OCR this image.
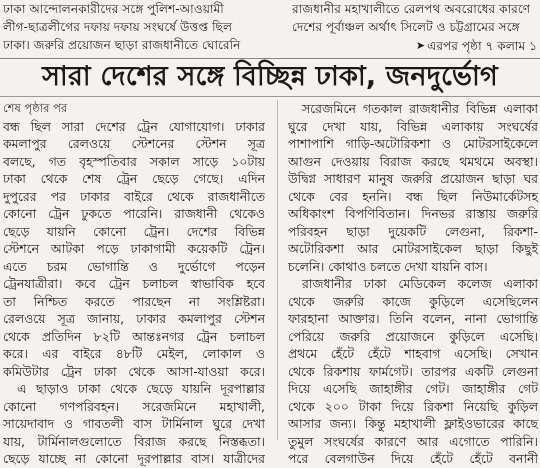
ঢাকা আন্দোলনকারীদের সঙ্গে পুলিশ-আওয়ামী
লীগ-ছাত্রলীগের দফায় দফায় সংঘর্ষে উত্তপ্ত ছিল
ঢাকা। জরুরি প্রয়োজন ছাড়া রাজধানীতে ঘোরেনি
রাজধানীর মহাখালীতে রেলপথ অবরোধের কারণে
দেশের পূর্বাঞ্চল অর্থাৎ সিলেট ও চট্টগ্রামের সঙ্গে
➤ এরপর পৃষ্ঠা ৭ কলাম ১
সারা দেশের সঙ্গে বিচ্ছিন্ন ঢাকা, জনদুর্ভোগ
শেষ পৃষ্ঠার পর
বন্ধ ছিল সারা দেশের ট্রেন যোগাযোগ। ঢাকার
কমলাপুর রেলওয়ে স্টেশনের স্টেশন সূত্র
বলছে, গত বৃহস্পতিবার সকাল সাড়ে ১০টায়
ঢাকা থেকে শেষ ট্রেন ছেড়ে গেছে। এদিন
দুপুরের পর ঢাকার বাইরে থেকে রাজধানীতে
কোনো ট্রেন ঢুকতে পারেনি। রাজধানী থেকেও
ছেড়ে যায়নি কোনো ট্রেন। দেশের বিভিন্ন
স্টেশনে আটকা পড়ে ঢাকাগামী কয়েকটি ট্রেন।
এতে চরম ভোগান্তি ও দুর্ভোগে পড়েন
ট্রেনযাত্রীরা। কবে ট্রেন চলাচল স্বাভাবিক হবে
তা নিশ্চিত করতে পারছেন না সংশ্লিষ্টরা।
রেলওয়ে সূত্র জানায়, ঢাকার কমলাপুর স্টেশন
থেকে প্রতিদিন ৮২টি আন্তঃনগর ট্রেন চলাচল
করে। এর বাইরে ৪৮টি মেইল, লোকাল ও
কমিউটার ট্রেন ঢাকা থেকে আসা-যাওয়া করে।
এ ছাড়াও ঢাকা থেকে ছেড়ে যায়নি দূরপাল্লার
কোনো গণপরিবহন। সরেজমিনে মহাখালী,
সায়েদাবাদ ও গাবতলী বাস টার্মিনাল ঘুরে দেখা
যায়, টার্মিনালগুলোতে বিরাজ করছে নিস্তব্ধতা।
ছেড়ে যাচ্ছে না কোনো দূরপাল্লার বাস। যাত্রীদের
সরেজমিনে গতকাল রাজধানীর বিভিন্ন এলাকা
ঘুরে দেখা যায়, বিভিন্ন এলাকায় সংঘর্ষের
পাশাপাশি গাড়ি-অটোরিকশা ও মোটরসাইকেলে
আগুন দেওয়ায় বিরাজ করছে থমথমে অবস্থা।
উদ্বিগ্ন সাধারণ মানুষ জরুরি প্রয়োজন ছাড়া ঘর
থেকে বের হননি। বন্ধ ছিল নিউমার্কেটসহ
অধিকাংশ বিপণিবিতান। দিনভর রাস্তায় জরুরি
পরিবহন ছাড়া দুয়েকটি লেগুনা, রিকশা-
অটোরিকশা আর মোটরসাইকেল ছাড়া কিছুই
চলেনি। কোথাও চলতে দেখা যায়নি বাস।
রাজধানীর ঢাকা মেডিকেল কলেজ এলাকা
থেকে জরুরি কাজে কুড়িলে এসেছিলেন
ফারহানা আক্তার। তিনি বলেন, নানা ভোগান্তি
পেরিয়ে জরুরি প্রয়োজনে কুড়িলে এসেছি।
প্রথমে হেঁটে হেঁটে শাহবাগ এসেছি। সেখান
থেকে রিকশায় ফার্মগেট। তারপর একটি লেগুনা
দিয়ে এসেছি জাহাঙ্গীর গেট। জাহাঙ্গীর গেট
থেকে ২০০ টাকা দিয়ে রিকশা নিয়েছি কুড়িল
আসার জন্য। কিন্তু মহাখালী ফ্লাইওভারের কাছে
তুমুল সংঘর্ষের কারণে আর এগোতে পারিনি।
পরে বেলগাউন দিয়ে হেঁটে হেঁটে বনানী
